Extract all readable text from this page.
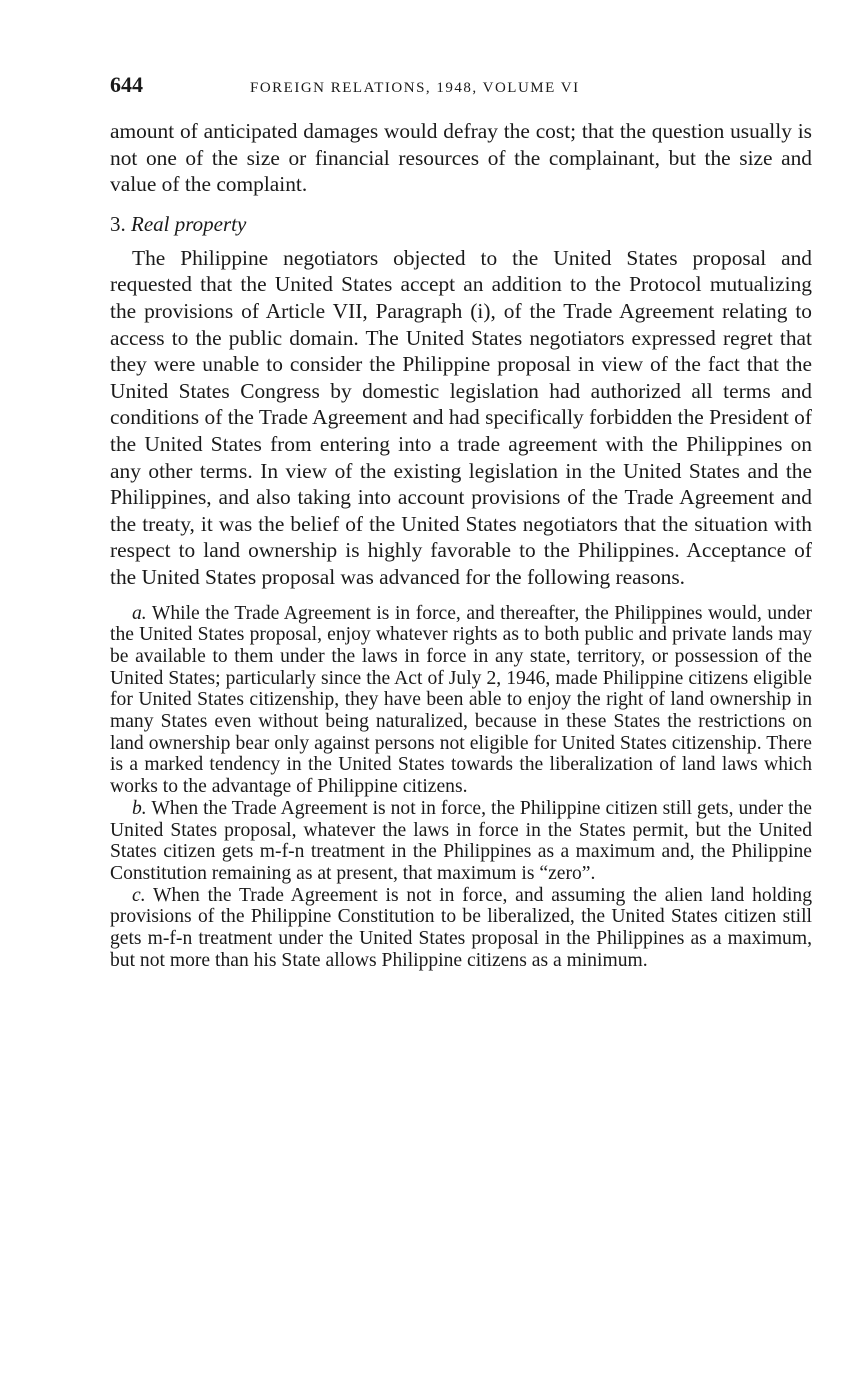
644	FOREIGN RELATIONS, 1948, VOLUME VI

amount of anticipated damages would defray the cost; that the question usually is not one of the size or financial resources of the complainant, but the size and value of the complaint.

3. Real property

The Philippine negotiators objected to the United States proposal and requested that the United States accept an addition to the Protocol mutualizing the provisions of Article VII, Paragraph (i), of the Trade Agreement relating to access to the public domain. The United States negotiators expressed regret that they were unable to consider the Philippine proposal in view of the fact that the United States Congress by domestic legislation had authorized all terms and conditions of the Trade Agreement and had specifically forbidden the President of the United States from entering into a trade agreement with the Philippines on any other terms. In view of the existing legislation in the United States and the Philippines, and also taking into account provisions of the Trade Agreement and the treaty, it was the belief of the United States negotiators that the situation with respect to land ownership is highly favorable to the Philippines. Acceptance of the United States proposal was advanced for the following reasons.

a. While the Trade Agreement is in force, and thereafter, the Philippines would, under the United States proposal, enjoy whatever rights as to both public and private lands may be available to them under the laws in force in any state, territory, or possession of the United States; particularly since the Act of July 2, 1946, made Philippine citizens eligible for United States citizenship, they have been able to enjoy the right of land ownership in many States even without being naturalized, because in these States the restrictions on land ownership bear only against persons not eligible for United States citizenship. There is a marked tendency in the United States towards the liberalization of land laws which works to the advantage of Philippine citizens.

b. When the Trade Agreement is not in force, the Philippine citizen still gets, under the United States proposal, whatever the laws in force in the States permit, but the United States citizen gets m-f-n treatment in the Philippines as a maximum and, the Philippine Constitution remaining as at present, that maximum is “zero”.

c. When the Trade Agreement is not in force, and assuming the alien land holding provisions of the Philippine Constitution to be liberalized, the United States citizen still gets m-f-n treatment under the United States proposal in the Philippines as a maximum, but not more than his State allows Philippine citizens as a minimum.
